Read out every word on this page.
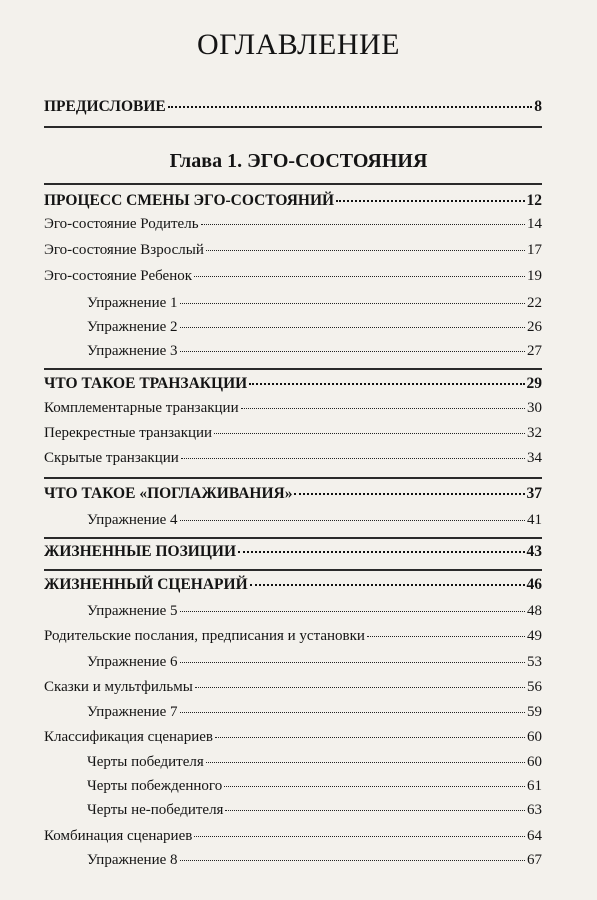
ОГЛАВЛЕНИЕ
ПРЕДИСЛОВИЕ	8
Глава 1. ЭГО-СОСТОЯНИЯ
ПРОЦЕСС СМЕНЫ ЭГО-СОСТОЯНИЙ	12
Эго-состояние Родитель	14
Эго-состояние Взрослый	17
Эго-состояние Ребенок	19
Упражнение 1	22
Упражнение 2	26
Упражнение 3	27
ЧТО ТАКОЕ ТРАНЗАКЦИИ	29
Комплементарные транзакции	30
Перекрестные транзакции	32
Скрытые транзакции	34
ЧТО ТАКОЕ «ПОГЛАЖИВАНИЯ»	37
Упражнение 4	41
ЖИЗНЕННЫЕ ПОЗИЦИИ	43
ЖИЗНЕННЫЙ СЦЕНАРИЙ	46
Упражнение 5	48
Родительские послания, предписания и установки	49
Упражнение 6	53
Сказки и мультфильмы	56
Упражнение 7	59
Классификация сценариев	60
Черты победителя	60
Черты побежденного	61
Черты не-победителя	63
Комбинация сценариев	64
Упражнение 8	67
